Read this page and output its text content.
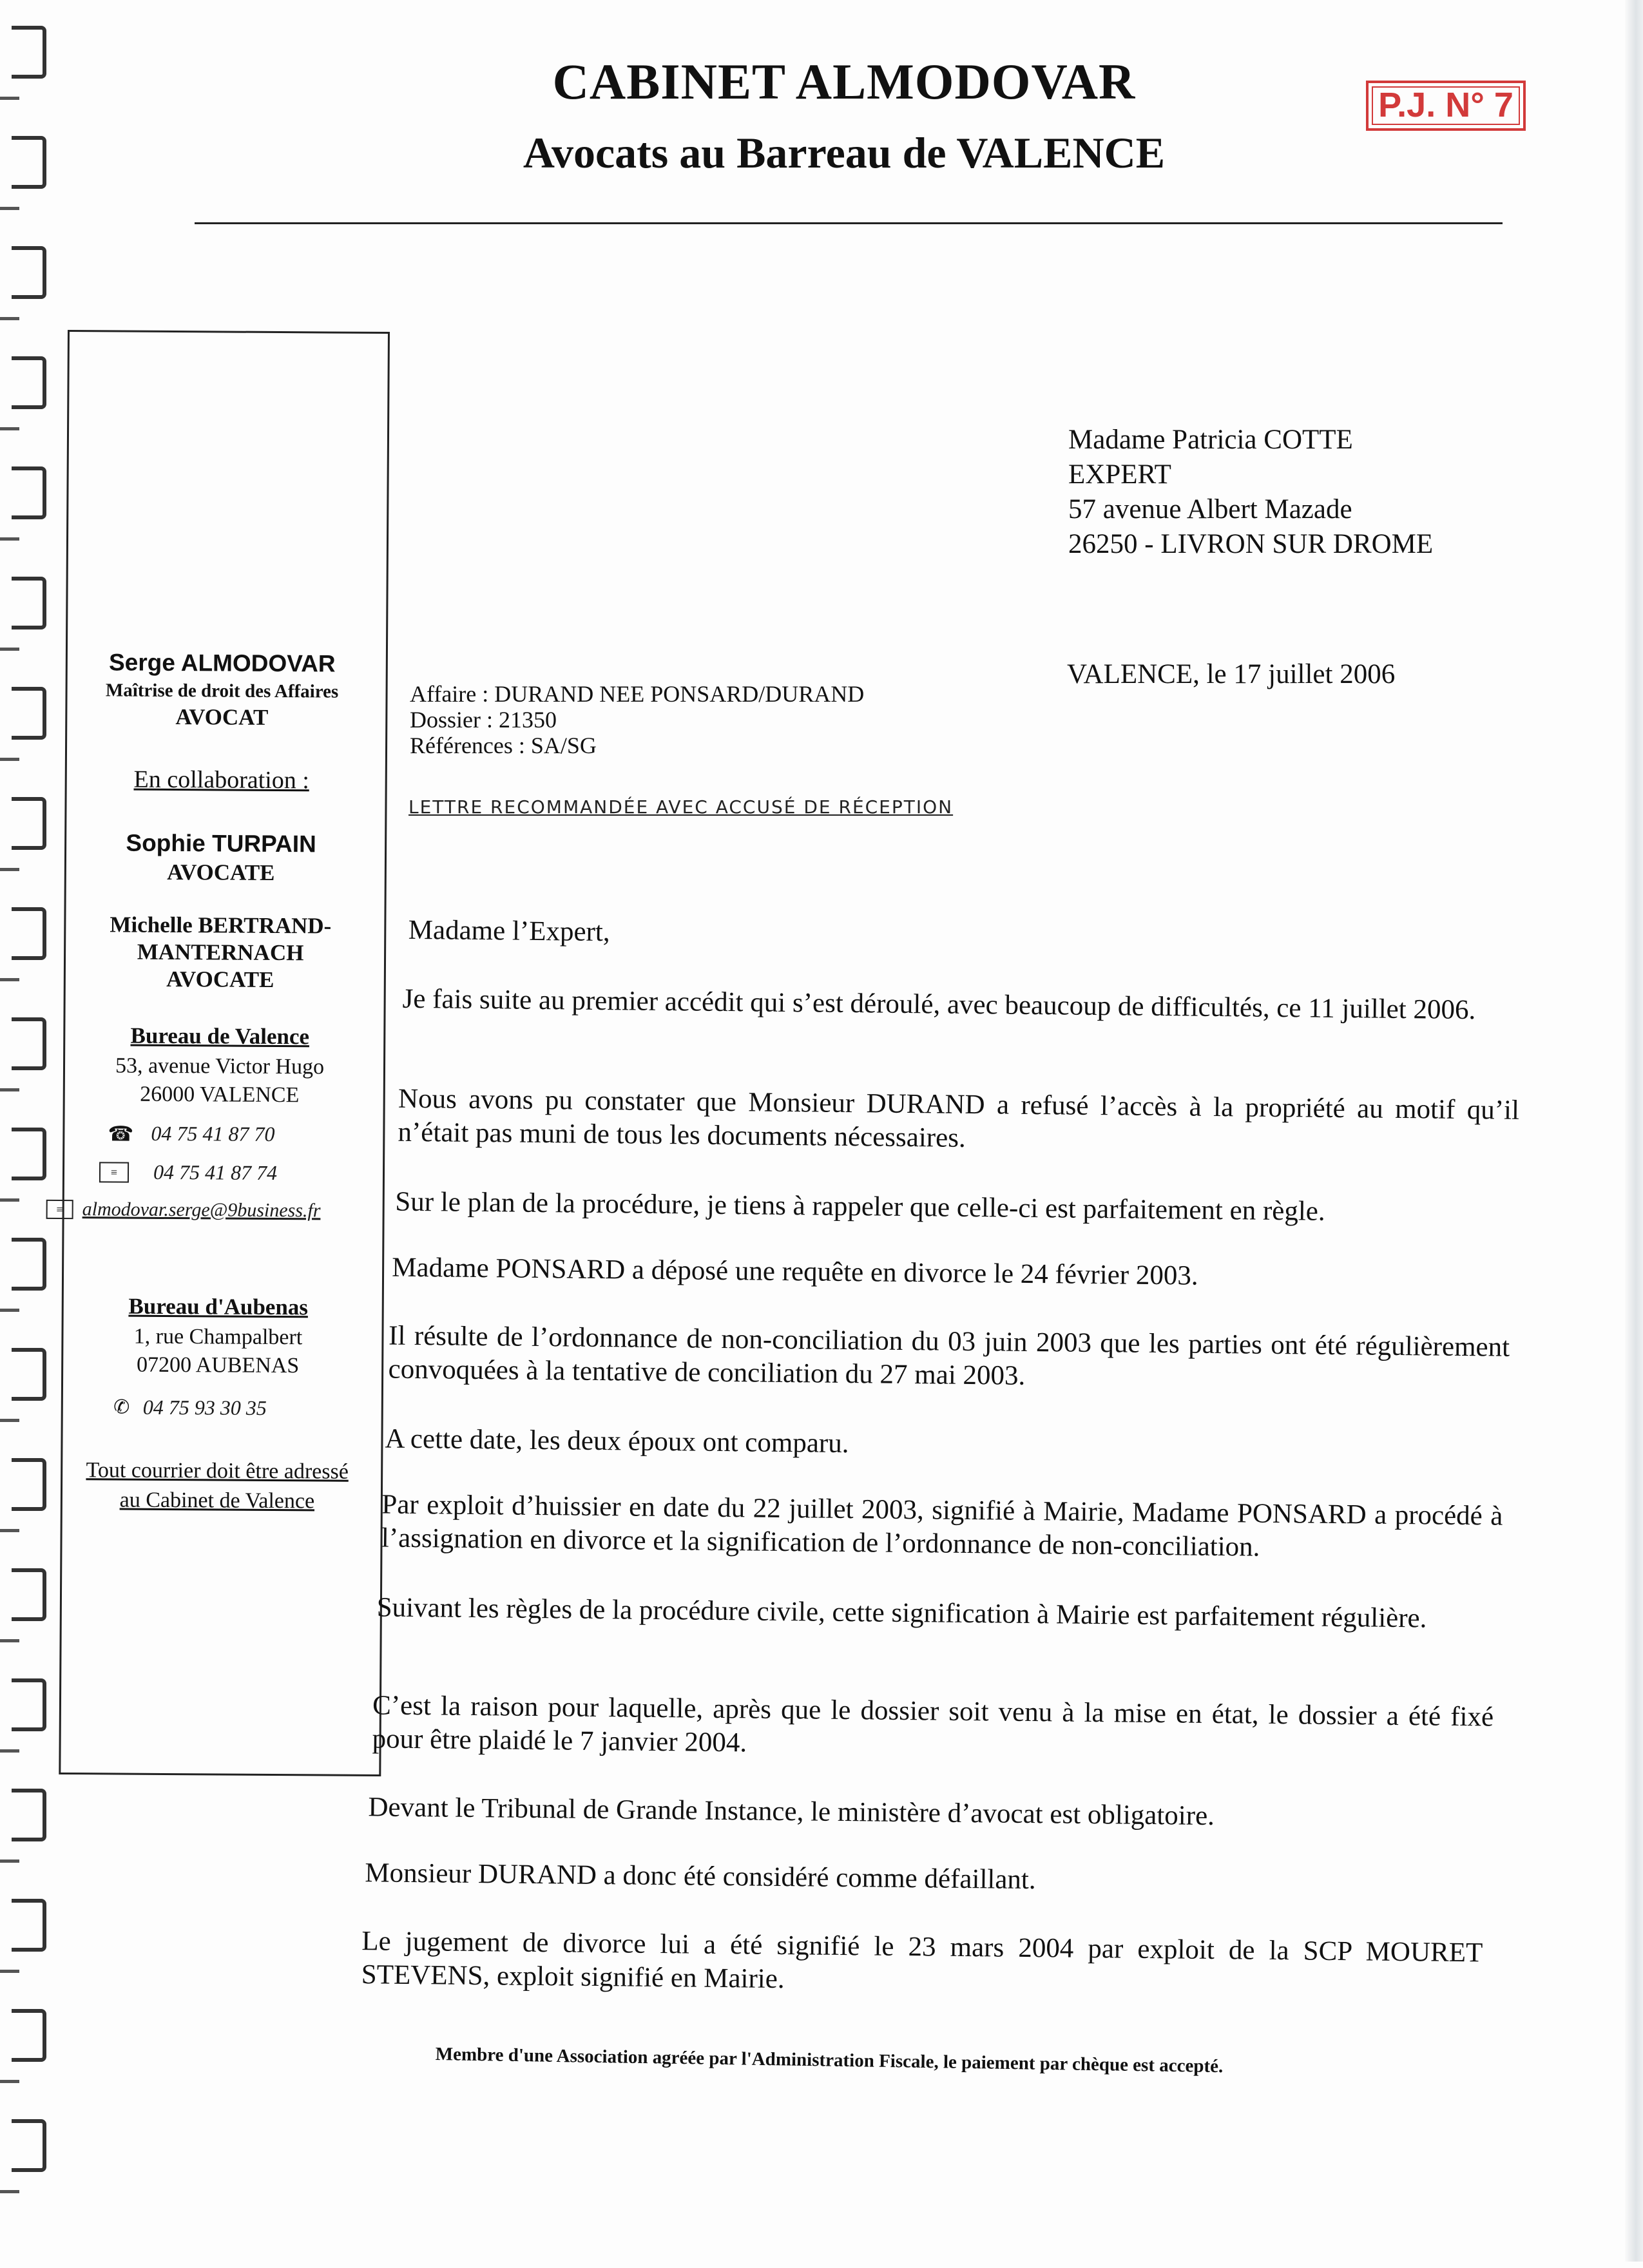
CABINET ALMODOVAR
Avocats au Barreau de VALENCE
P.J. N° 7
Serge ALMODOVAR
Maîtrise de droit des Affaires
AVOCAT
En collaboration :
Sophie TURPAIN
AVOCATE
Michelle BERTRAND-
MANTERNACH
AVOCATE
Bureau de Valence
53, avenue Victor Hugo
26000 VALENCE
☎ 04 75 41 87 70
≡	04 75 41 87 74
≡ almodovar.serge@9business.fr
Bureau d'Aubenas
1, rue Champalbert
07200 AUBENAS
✆ 04 75 93 30 35
Tout courrier doit être adressé
au Cabinet de Valence
Madame Patricia COTTE
EXPERT
57 avenue Albert Mazade
26250 - LIVRON SUR DROME
VALENCE, le 17 juillet 2006
Affaire : DURAND NEE PONSARD/DURAND
Dossier : 21350
Références : SA/SG
LETTRE RECOMMANDÉE AVEC ACCUSÉ DE RÉCEPTION
Madame l’Expert,
Je fais suite au premier accédit qui s’est déroulé, avec beaucoup de difficultés, ce 11 juillet 2006.
Nous avons pu constater que Monsieur DURAND a refusé l’accès à la propriété au motif qu’il n’était pas muni de tous les documents nécessaires.
Sur le plan de la procédure, je tiens à rappeler que celle-ci est parfaitement en règle.
Madame PONSARD a déposé une requête en divorce le 24 février 2003.
Il résulte de l’ordonnance de non-conciliation du 03 juin 2003 que les parties ont été régulièrement convoquées à la tentative de conciliation du 27 mai 2003.
A cette date, les deux époux ont comparu.
Par exploit d’huissier en date du 22 juillet 2003, signifié à Mairie, Madame PONSARD a procédé à l’assignation en divorce et la signification de l’ordonnance de non-conciliation.
Suivant les règles de la procédure civile, cette signification à Mairie est parfaitement régulière.
C’est la raison pour laquelle, après que le dossier soit venu à la mise en état, le dossier a été fixé pour être plaidé le 7 janvier 2004.
Devant le Tribunal de Grande Instance, le ministère d’avocat est obligatoire.
Monsieur DURAND a donc été considéré comme défaillant.
Le jugement de divorce lui a été signifié le 23 mars 2004 par exploit de la SCP MOURET STEVENS, exploit signifié en Mairie.
Membre d'une Association agréée par l'Administration Fiscale, le paiement par chèque est accepté.
